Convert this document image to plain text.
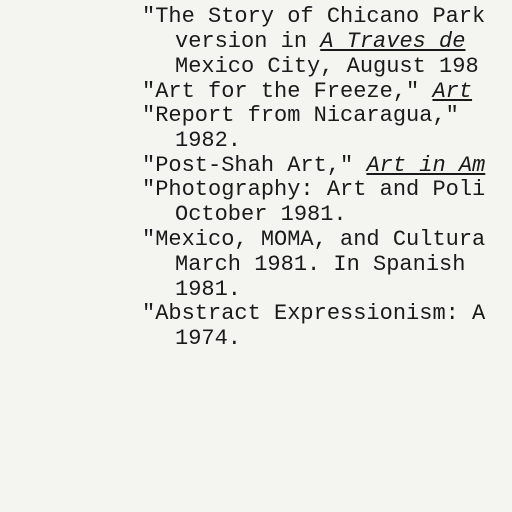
"The Story of Chicano Park
version in A Traves de
Mexico City, August 198
"Art for the Freeze," Art
"Report from Nicaragua,"
1982.
"Post-Shah Art," Art in Am
"Photography: Art and Poli
October 1981.
"Mexico, MOMA, and Cultura
March 1981. In Spanish
1981.
"Abstract Expressionism: A
1974.
